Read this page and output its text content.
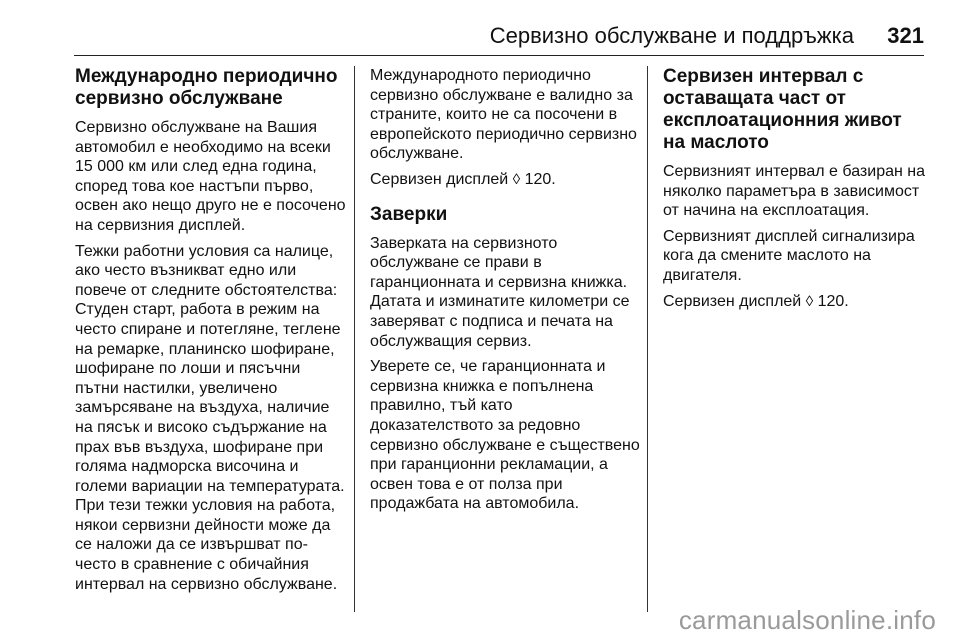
Сервизно обслужване и поддръжка 321
Международно периодично сервизно обслужване

Сервизно обслужване на Вашия автомобил е необходимо на всеки 15 000 км или след една година, според това кое настъпи първо, освен ако нещо друго не е посочено на сервизния дисплей.

Тежки работни условия са налице, ако често възникват едно или повече от следните обстоятелства: Студен старт, работа в режим на често спиране и потегляне, теглене на ремарке, планинско шофиране, шофиране по лоши и пясъчни пътни настилки, увеличено замърсяване на въздуха, наличие на пясък и високо съдържание на прах във въздуха, шофиране при голяма надморска височина и големи вариации на температурата. При тези тежки условия на работа, някои сервизни дейности може да се наложи да се извършват по-често в сравнение с обичайния интервал на сервизно обслужване.

Международното периодично сервизно обслужване е валидно за страните, които не са посочени в европейското периодично сервизно обслужване.

Сервизен дисплей ◊ 120.

Заверки

Заверката на сервизното обслужване се прави в гаранционната и сервизна книжка. Датата и изминатите километри се заверяват с подписа и печата на обслужващия сервиз.

Уверете се, че гаранционната и сервизна книжка е попълнена правилно, тъй като доказателството за редовно сервизно обслужване е съществено при гаранционни рекламации, а освен това е от полза при продажбата на автомобила.

Сервизен интервал с оставащата част от експлоатационния живот на маслото

Сервизният интервал е базиран на няколко параметъра в зависимост от начина на експлоатация.

Сервизният дисплей сигнализира кога да смените маслото на двигателя.

Сервизен дисплей ◊ 120.

carmanualsonline.info
